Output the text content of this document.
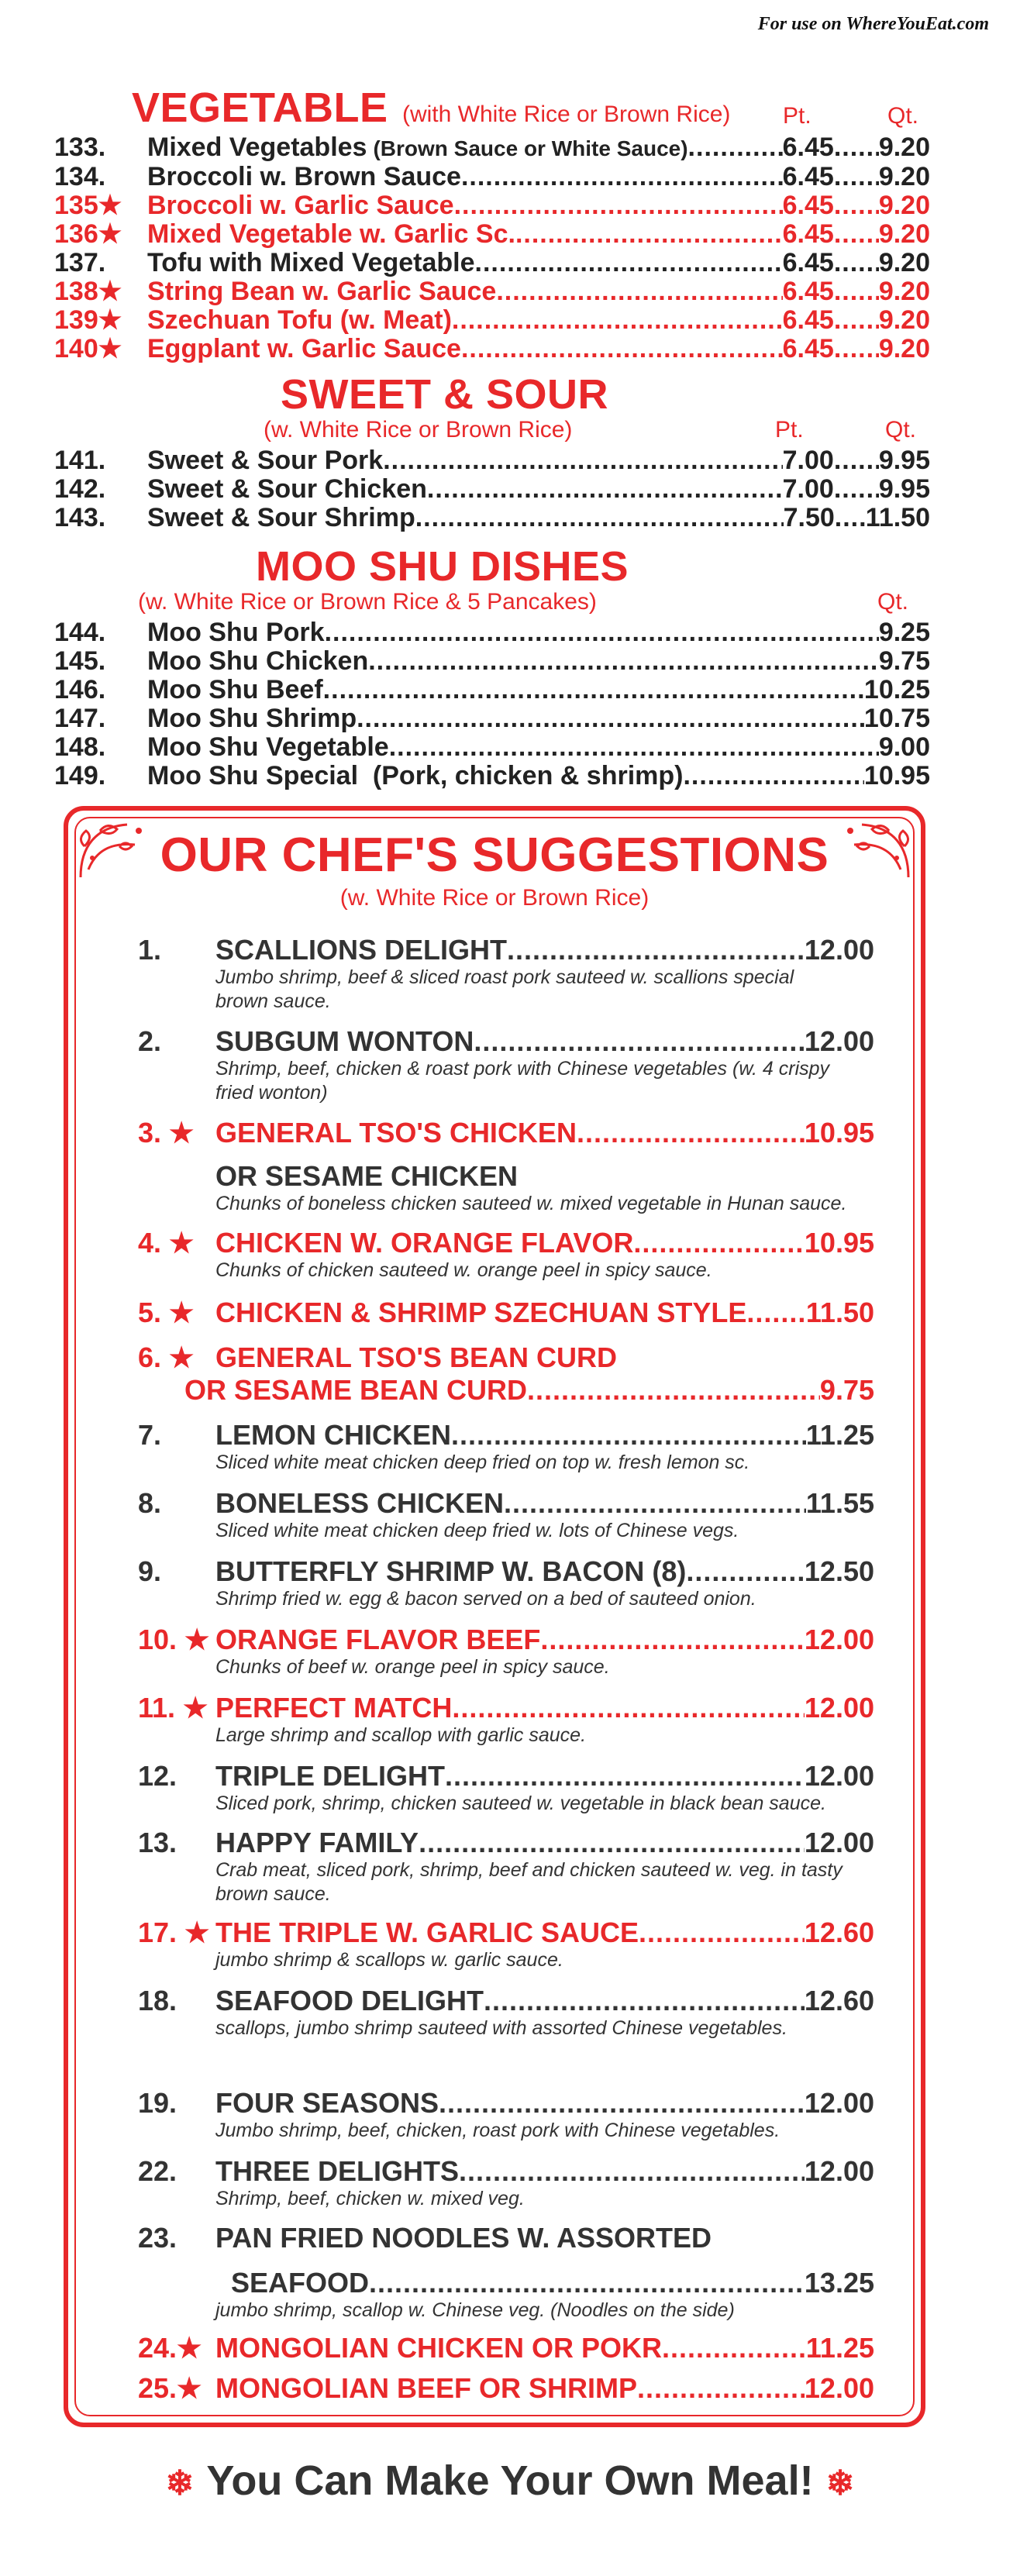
For use on WhereYouEat.com
VEGETABLE (with White Rice or Brown Rice) Pt.	Qt.
133.	Mixed Vegetables (Brown Sauce or White Sauce) .....	6.45 ..... 9.20
134.	Broccoli w. Brown Sauce .....	6.45 ..... 9.20
135★ Broccoli w. Garlic Sauce .....	6.45 ..... 9.20
136★ Mixed Vegetable w. Garlic Sc. .....	6.45 ..... 9.20
137.	Tofu with Mixed Vegetable .....	6.45 ..... 9.20
138★ String Bean w. Garlic Sauce .....	6.45 ..... 9.20
139★ Szechuan Tofu (w. Meat) .....	6.45 ..... 9.20
140★ Eggplant w. Garlic Sauce .....	6.45 ..... 9.20
SWEET & SOUR
(w. White Rice or Brown Rice)	Pt.	Qt.
141.	Sweet & Sour Pork .....	7.00 ..... 9.95
142.	Sweet & Sour Chicken .....	7.00 ..... 9.95
143.	Sweet & Sour Shrimp .....	7.50 ..... 11.50
MOO SHU DISHES
(w. White Rice or Brown Rice & 5 Pancakes)	Qt.
144.	Moo Shu Pork .....	9.25
145.	Moo Shu Chicken .....	9.75
146.	Moo Shu Beef .....	10.25
147.	Moo Shu Shrimp .....	10.75
148.	Moo Shu Vegetable .....	9.00
149.	Moo Shu Special  (Pork, chicken & shrimp) .....	10.95
OUR CHEF'S SUGGESTIONS
(w. White Rice or Brown Rice)
1.	SCALLIONS DELIGHT .....	12.00
Jumbo shrimp, beef & sliced roast pork sauteed w. scallions special brown sauce.
2.	SUBGUM WONTON .....	12.00
Shrimp, beef, chicken & roast pork with Chinese vegetables (w. 4 crispy fried wonton)
3. ★ GENERAL TSO'S CHICKEN .....	10.95
OR SESAME CHICKEN
Chunks of boneless chicken sauteed w. mixed vegetable in Hunan sauce.
4. ★ CHICKEN W. ORANGE FLAVOR .....	10.95
Chunks of chicken sauteed w. orange peel in spicy sauce.
5. ★ CHICKEN & SHRIMP SZECHUAN STYLE ..... 11.50
6. ★ GENERAL TSO'S BEAN CURD
OR SESAME BEAN CURD .....	9.75
7.	LEMON CHICKEN .....	11.25
Sliced white meat chicken deep fried on top w. fresh lemon sc.
8.	BONELESS CHICKEN .....	11.55
Sliced white meat chicken deep fried w. lots of Chinese vegs.
9.	BUTTERFLY SHRIMP W. BACON (8) .....	12.50
Shrimp fried w. egg & bacon served on a bed of sauteed onion.
10. ★ ORANGE FLAVOR BEEF .....	12.00
Chunks of beef w. orange peel in spicy sauce.
11. ★ PERFECT MATCH .....	12.00
Large shrimp and scallop with garlic sauce.
12.	TRIPLE DELIGHT .....	12.00
Sliced pork, shrimp, chicken sauteed w. vegetable in black bean sauce.
13.	HAPPY FAMILY .....	12.00
Crab meat, sliced pork, shrimp, beef and chicken sauteed w. veg. in tasty brown sauce.
17. ★ THE TRIPLE W. GARLIC SAUCE .....	12.60
jumbo shrimp & scallops w. garlic sauce.
18.	SEAFOOD DELIGHT .....	12.60
scallops, jumbo shrimp sauteed with assorted Chinese vegetables.
19.	FOUR SEASONS .....	12.00
Jumbo shrimp, beef, chicken, roast pork with Chinese vegetables.
22.	THREE DELIGHTS .....	12.00
Shrimp, beef, chicken w. mixed veg.
23.	PAN FRIED NOODLES W. ASSORTED
SEAFOOD .....	13.25
jumbo shrimp, scallop w. Chinese veg. (Noodles on the side)
24.★ MONGOLIAN CHICKEN OR POKR .....	11.25
25.★ MONGOLIAN BEEF OR SHRIMP .....	12.00
❄ You Can Make Your Own Meal! ❄
